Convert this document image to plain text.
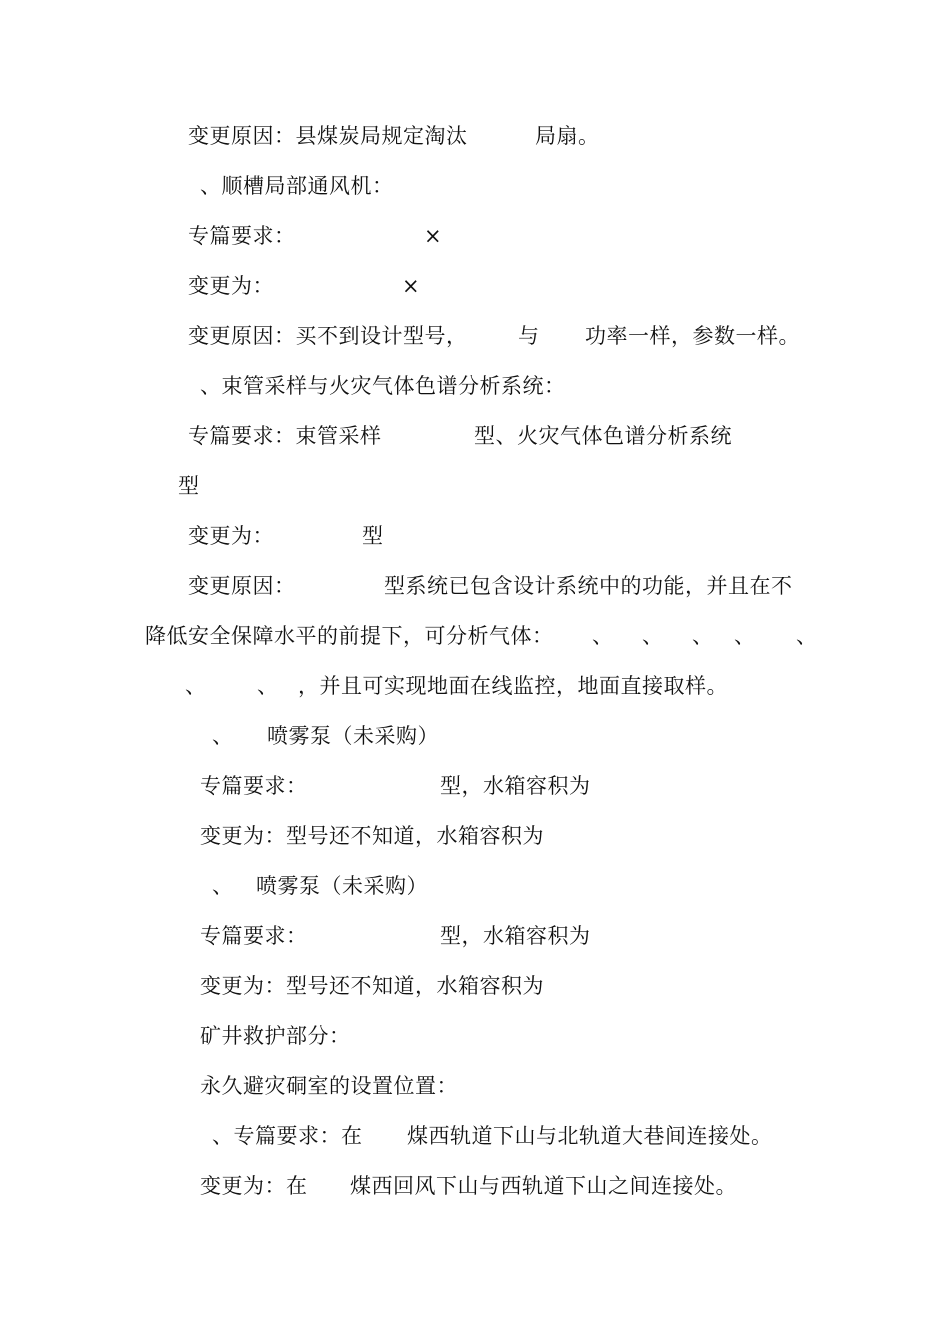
变更原因：县煤炭局规定淘汰	局扇。
、顺槽局部通风机：
专篇要求：	×
变更为：	×
变更原因：买不到设计型号， 与 功率一样，参数一样。
、束管采样与火灾气体色谱分析系统：
专篇要求：束管采样	型、火灾气体色谱分析系统
型
变更为：	型
变更原因：	型系统已包含设计系统中的功能，并且在不
降低安全保障水平的前提下，可分析气体： 、 、 、 、 、
、 、 ，并且可实现地面在线监控，地面直接取样。
、 喷雾泵（未采购）
专篇要求：	型，水箱容积为
变更为：型号还不知道，水箱容积为
、 喷雾泵（未采购）
专篇要求：	型，水箱容积为
变更为：型号还不知道，水箱容积为
矿井救护部分：
永久避灾硐室的设置位置：
、专篇要求：在 煤西轨道下山与北轨道大巷间连接处。
变更为：在 煤西回风下山与西轨道下山之间连接处。
